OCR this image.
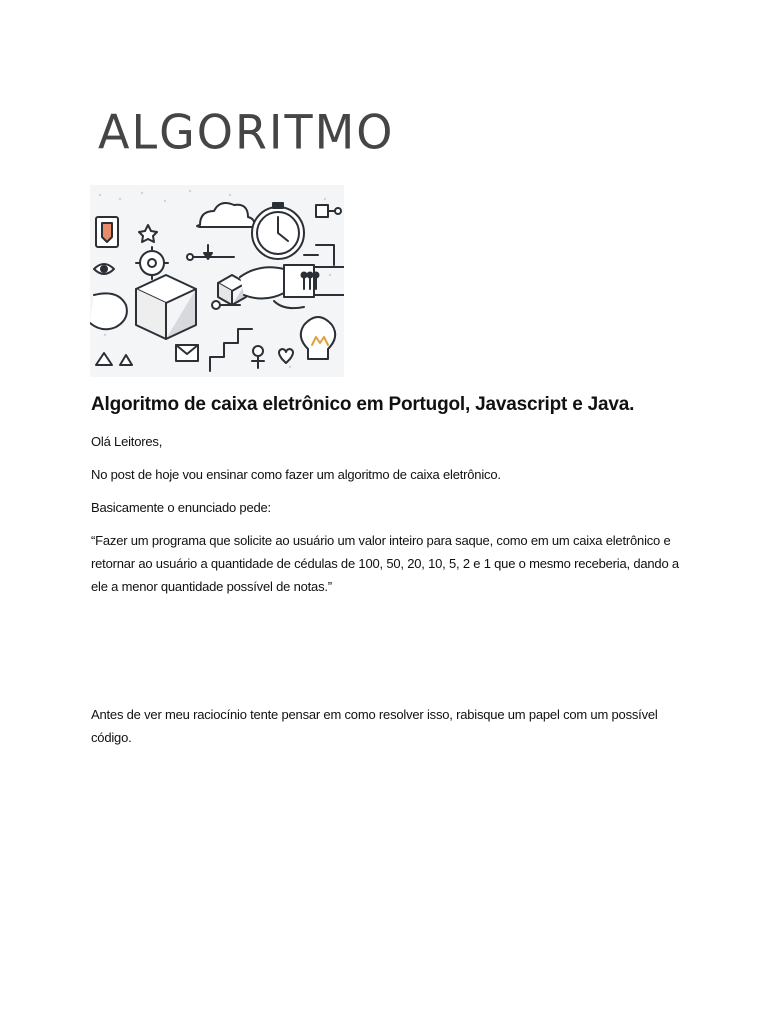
ALGORITMO
Algoritmo de caixa eletrônico em Portugol, Javascript e Java.
Olá Leitores,
No post de hoje vou ensinar como fazer um algoritmo de caixa eletrônico.
Basicamente o enunciado pede:
“Fazer um programa que solicite ao usuário um valor inteiro para saque, como em um caixa eletrônico e
retornar ao usuário a quantidade de cédulas de 100, 50, 20, 10, 5, 2 e 1 que o mesmo receberia, dando a
ele a menor quantidade possível de notas.”
Antes de ver meu raciocínio tente pensar em como resolver isso, rabisque um papel com um possível
código.
